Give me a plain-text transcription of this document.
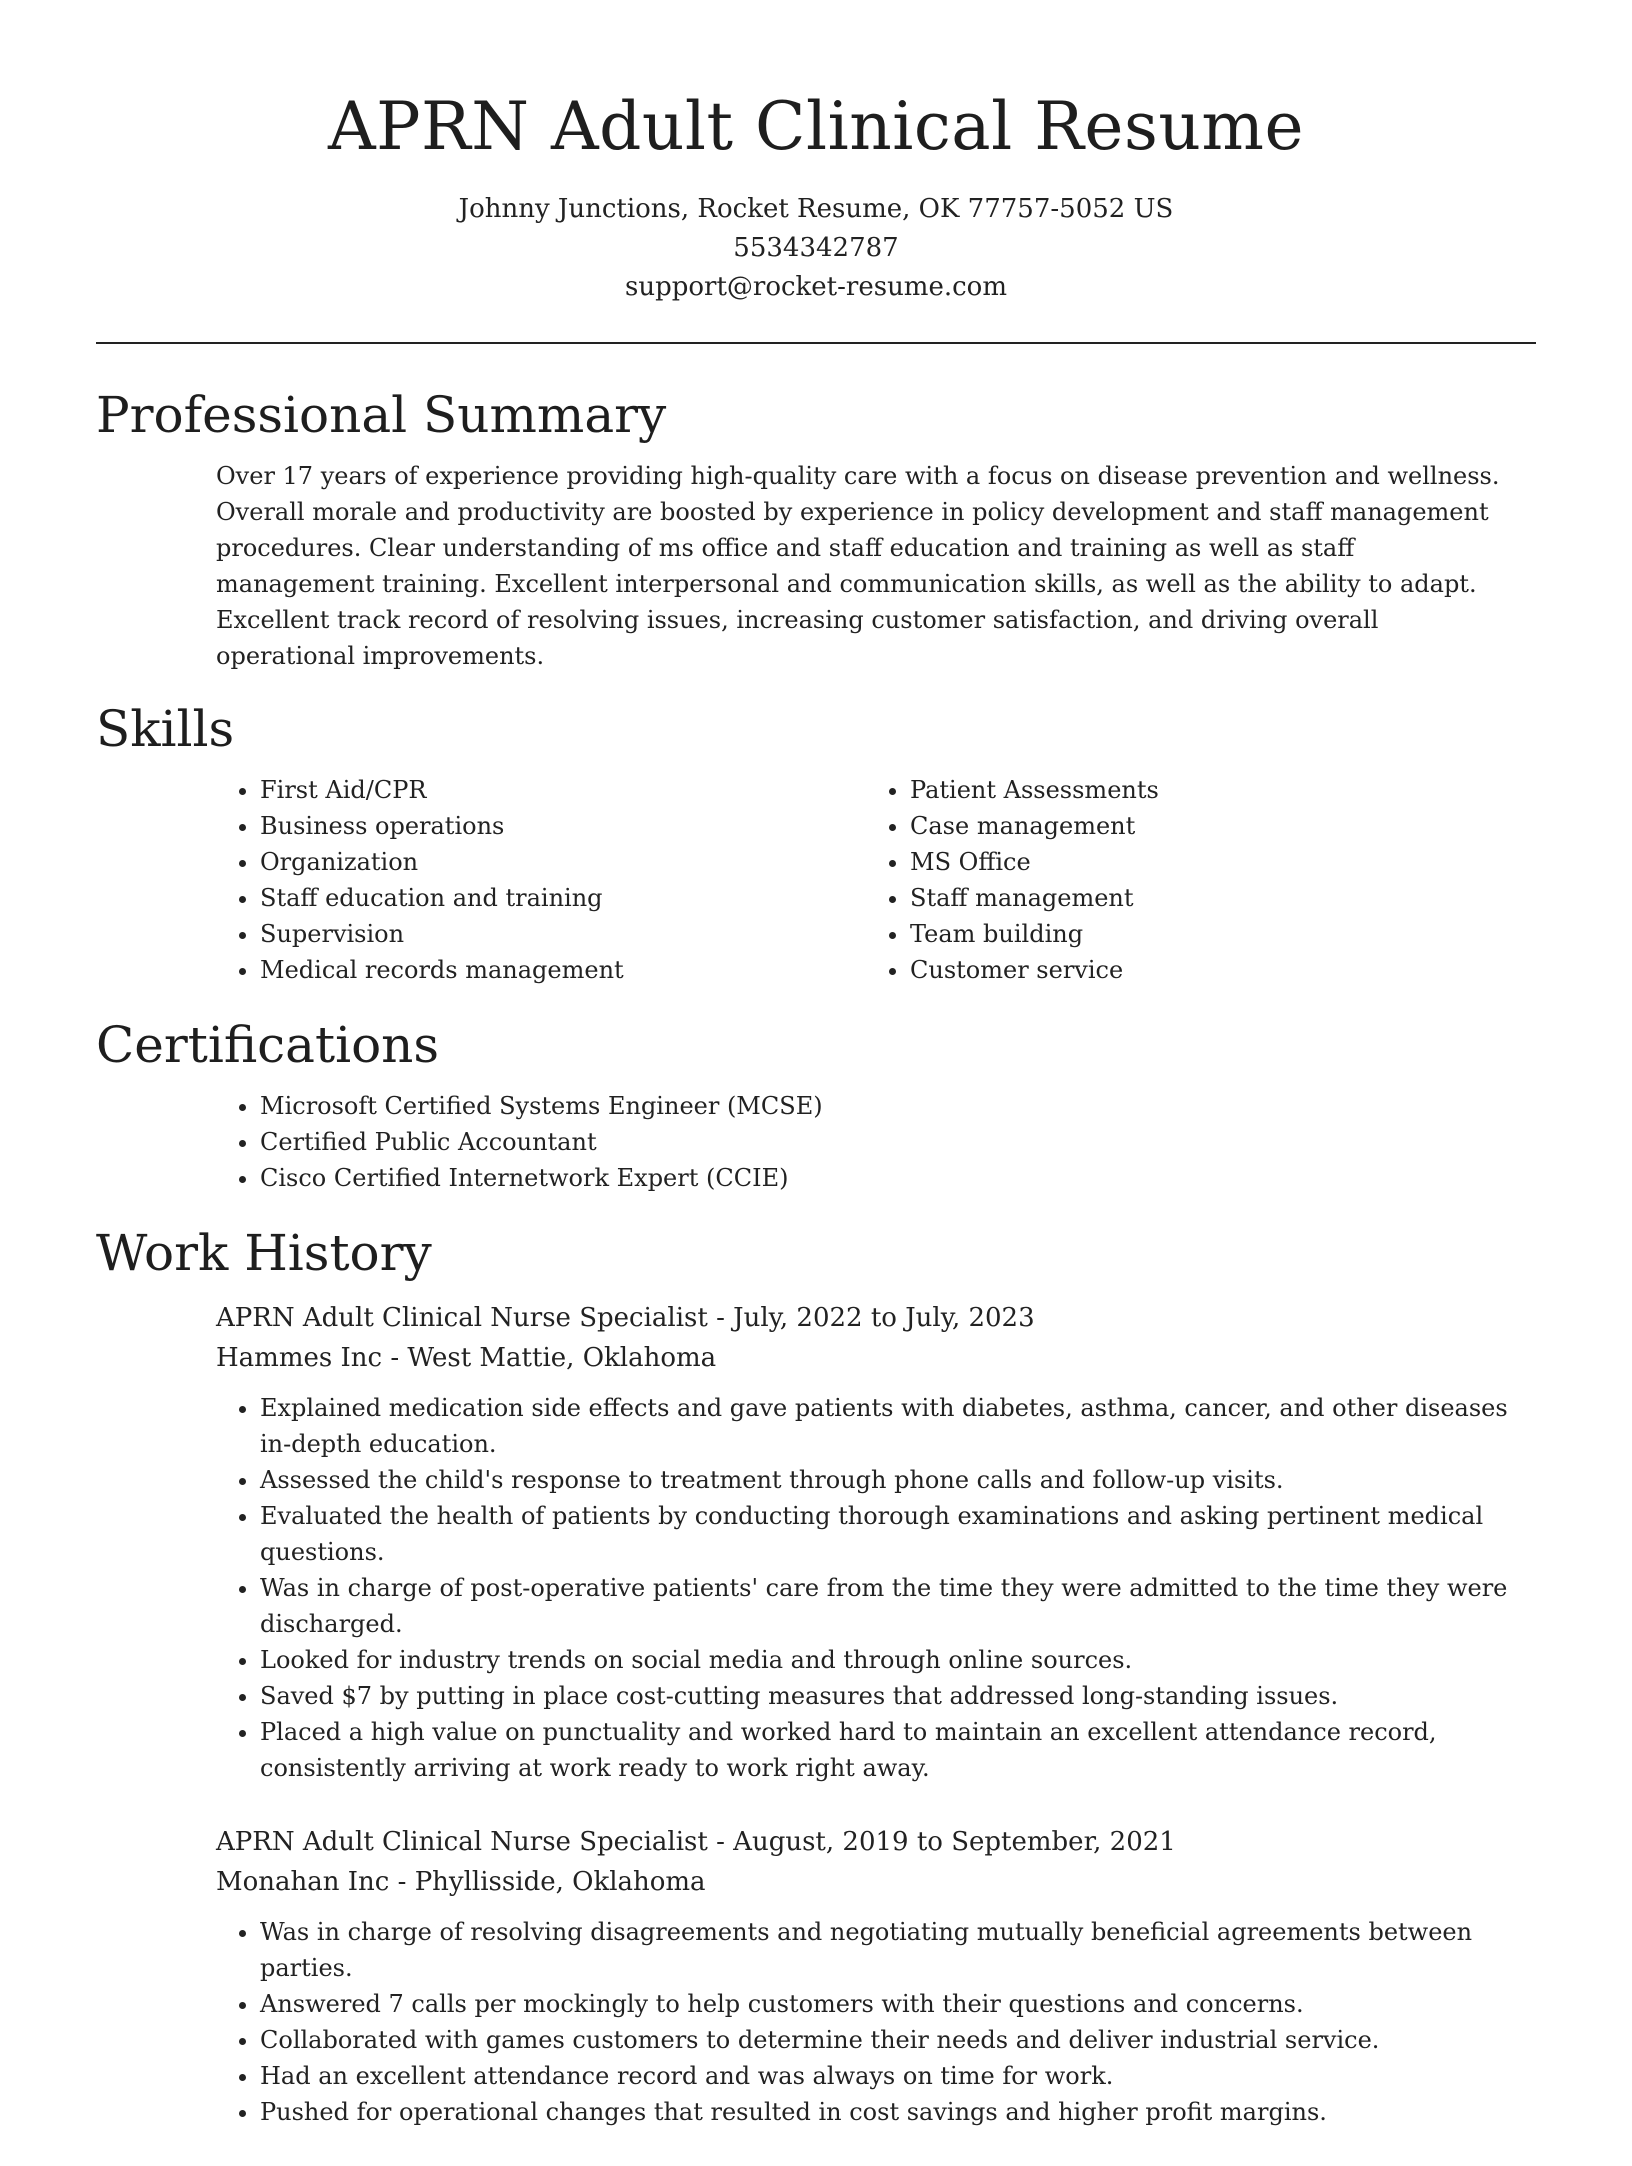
APRN Adult Clinical Resume
Johnny Junctions, Rocket Resume, OK 77757-5052 US
5534342787
support@rocket-resume.com
Professional Summary

Over 17 years of experience providing high-quality care with a focus on disease prevention and wellness. Overall morale and productivity are boosted by experience in policy development and staff management procedures. Clear understanding of ms office and staff education and training as well as staff management training. Excellent interpersonal and communication skills, as well as the ability to adapt. Excellent track record of resolving issues, increasing customer satisfaction, and driving overall operational improvements.

Skills
• First Aid/CPR
• Business operations
• Organization
• Staff education and training
• Supervision
• Medical records management
• Patient Assessments
• Case management
• MS Office
• Staff management
• Team building
• Customer service
Certifications
• Microsoft Certified Systems Engineer (MCSE)
• Certified Public Accountant
• Cisco Certified Internetwork Expert (CCIE)
Work History
APRN Adult Clinical Nurse Specialist - July, 2022 to July, 2023
Hammes Inc - West Mattie, Oklahoma
• Explained medication side effects and gave patients with diabetes, asthma, cancer, and other diseases in-depth education.
• Assessed the child's response to treatment through phone calls and follow-up visits.
• Evaluated the health of patients by conducting thorough examinations and asking pertinent medical questions.
• Was in charge of post-operative patients' care from the time they were admitted to the time they were discharged.
• Looked for industry trends on social media and through online sources.
• Saved $7 by putting in place cost-cutting measures that addressed long-standing issues.
• Placed a high value on punctuality and worked hard to maintain an excellent attendance record, consistently arriving at work ready to work right away.
APRN Adult Clinical Nurse Specialist - August, 2019 to September, 2021
Monahan Inc - Phyllisside, Oklahoma
• Was in charge of resolving disagreements and negotiating mutually beneficial agreements between parties.
• Answered 7 calls per mockingly to help customers with their questions and concerns.
• Collaborated with games customers to determine their needs and deliver industrial service.
• Had an excellent attendance record and was always on time for work.
• Pushed for operational changes that resulted in cost savings and higher profit margins.
